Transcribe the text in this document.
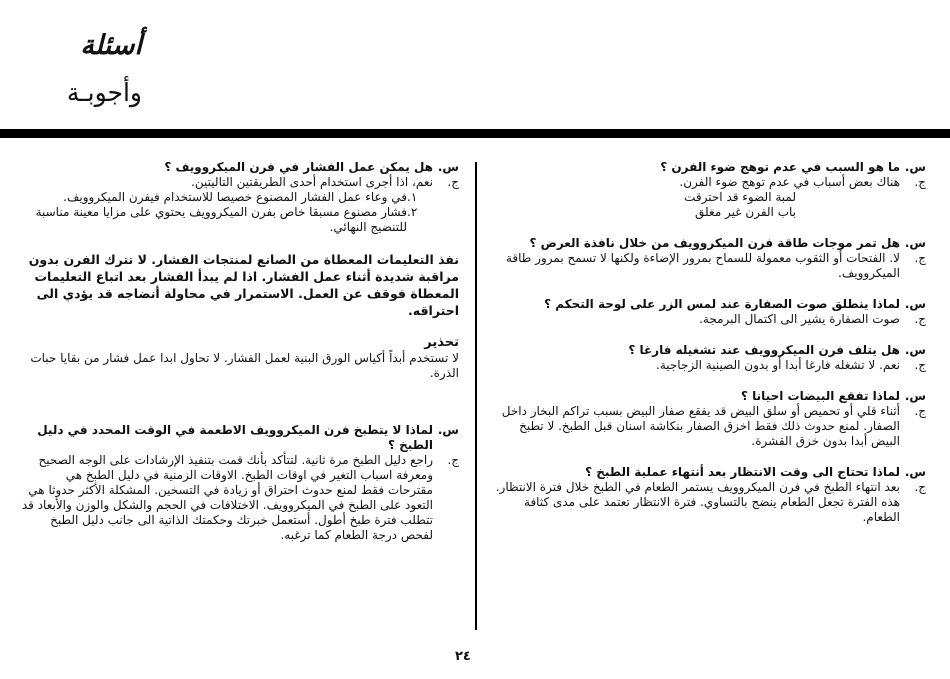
أسئلة
وأجوبـة
س.
ما هو السبب في عدم توهج ضوء الفرن ؟
ج.
هناك بعض أسباب في عدم توهج ضوء الفرن.
لمبة الضوء قد احترقت
باب الفرن غير مغلق
س.
هل تمر موجات طاقة فرن الميكروويف من خلال نافذة العرض ؟
ج.
لا. الفتحات أو الثقوب معمولة للسماح بمرور الإضاءة ولكنها لا تسمح بمرور طاقة الميكروويف.
س.
لماذا ينطلق صوت الصفارة عند لمس الزر على لوحة التحكم ؟
ج.
صوت الصفارة يشير الى اكتمال البرمجة.
س.
هل يتلف فرن الميكروويف عند تشغيله فارغا ؟
ج.
نعم. لا تشغله فارغا أبدا أو بدون الصينية الزجاجية.
س.
لماذا تفقع البيضات احيانا ؟
ج.
أثناء قلي أو تحميص أو سلق البيض قد يفقع صفار البيض بسبب تراكم البخار داخل الصفار. لمنع حدوث ذلك فقط اخزق الصفار بنكاشة اسنان قبل الطبخ. لا تطبخ البيض أبدا بدون خزق القشرة.
س.
لماذا تحتاج الى وقت الانتظار بعد أنتهاء عملية الطبخ ؟
ج.
بعد انتهاء الطبخ في فرن الميكروويف يستمر الطعام في الطبخ خلال فترة الانتظار. هذه الفترة تجعل الطعام ينضج بالتساوي. فترة الانتظار تعتمد على مدى كثافة الطعام.
س.
هل يمكن عمل الفشار في فرن الميكروويف ؟
ج.
نعم، اذا أجرى استخدام أحدى الطريقتين التاليتين.
١.
في وعاء عمل الفشار المصنوع خصيصا للاستخدام فيفرن الميكروويف.
٢.
فشار مصنوع مسبقا خاص بفرن الميكروويف يحتوي على مزايا معينة مناسبة للتنضيج النهائي.
نفذ التعليمات المعطاة من الصانع لمنتجات الفشار. لا تترك الفرن بدون مراقبة شديدة أثناء عمل الفشار. اذا لم يبدأ الفشار بعد اتباع التعليمات المعطاة فوقف عن العمل. الاستمرار في محاولة أنضاجه قد يؤدي الى احتراقه.
تحذير
لا تستخدم أبداً أكياس الورق البنية لعمل الفشار. لا تحاول ابدا عمل فشار من بقايا حبات الذرة.
س.
لماذا لا يتطبخ فرن الميكروويف الاطعمة في الوقت المحدد في دليل الطبخ ؟
ج.
راجع دليل الطبخ مرة ثانية. لتتأكد بأنك قمت بتنفيذ الإرشادات على الوجه الصحيح ومعرفة اسباب التغير في اوقات الطبخ. الاوقات الزمنية في دليل الطبخ هي مقترحات فقط لمنع حدوث احتراق أو زيادة في التسخين. المشكلة الأكثر حدوثا هي التعود على الطبخ في الميكروويف. الاختلافات في الحجم والشكل والوزن والأبعاد قد تتطلب فترة طبخ أطول. أستعمل خبرتك وحكمتك الذاتية الى جانب دليل الطبخ لفحص درجة الطعام كما ترغبه.
٢٤
